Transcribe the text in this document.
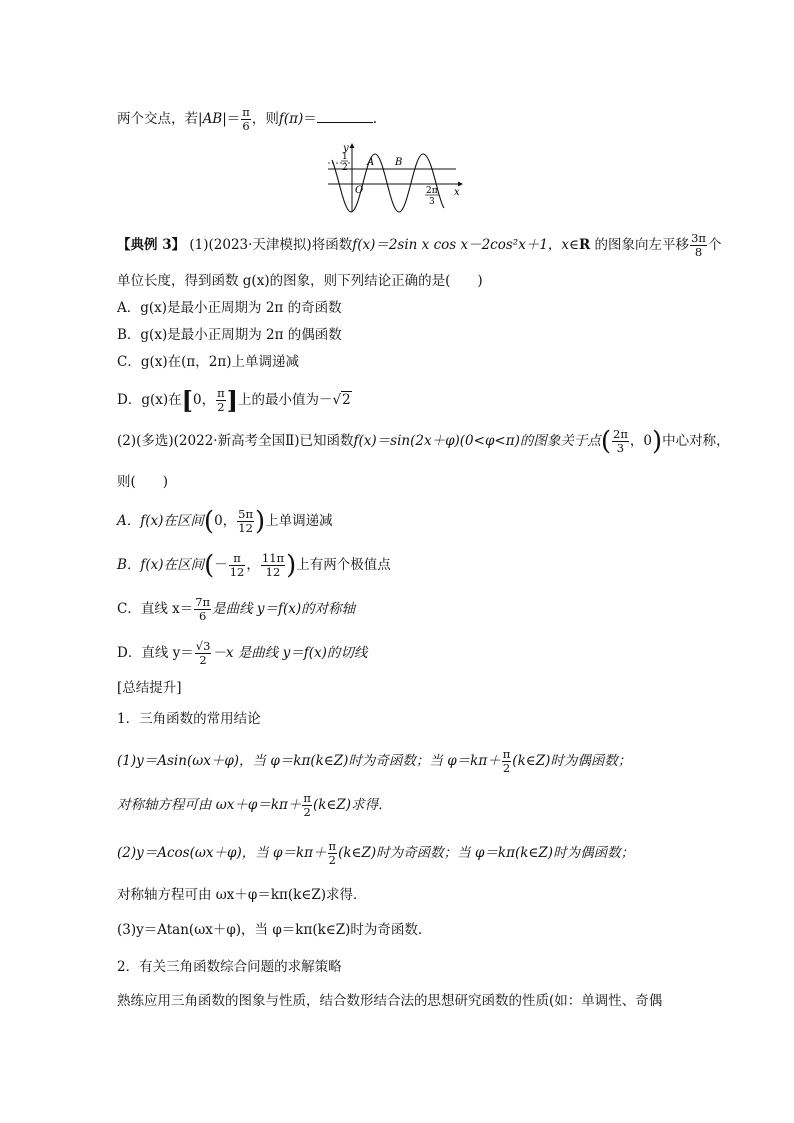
两个交点，若$|AB|= \frac{\pi}{6}$ ，则f(π)＝	.
y
x
O
A B
1
2
2π
3
【典例 3】 (1)(2023·天津模拟)将函数f(x)＝2sin x cos x－2cos²x＋1，x∈R 的图象向左平移 $\frac{3\pi}{8}$ 个
单位长度，得到函数 g(x)的图象，则下列结论正确的是(　　)
A．g(x)是最小正周期为 2π 的奇函数
B．g(x)是最小正周期为 2π 的偶函数
C．g(x)在(π，2π)上单调递减
D．g(x)在[0， $\frac{\pi}{2}$ ]上的最小值为－√2
(2)(多选)(2022·新高考全国Ⅱ)已知函数f(x)＝sin(2x＋φ)(0<φ<π)的图象关于点( $\frac{2\pi}{3}$ ，0)中心对称，
则(　　)
A．f(x)在区间(0， $\frac{5\pi}{12}$ )上单调递减
B．f(x)在区间(－ $\frac{\pi}{12}$ ， $\frac{11\pi}{12}$ )上有两个极值点
C．直线 $x= \frac{7\pi}{6}$ 是曲线 y＝f(x)的对称轴
D．直线 $y= \frac{√3}{2} -x$ 是曲线 y＝f(x)的切线
[总结提升]
1．三角函数的常用结论
(1)y＝Asin(ωx＋φ)，当 φ＝kπ(k∈Z)时为奇函数；当 $\varphi=k\pi+ \frac{\pi}{2}$ (k∈Z)时为偶函数；
对称轴方程可由 $\omega x+\varphi=k\pi+ \frac{\pi}{2}$ (k∈Z)求得．
(2)y＝Acos(ωx＋φ)，当 $\varphi=k\pi+ \frac{\pi}{2}$ (k∈Z)时为奇函数；当 φ＝kπ(k∈Z)时为偶函数；
对称轴方程可由 ωx＋φ＝kπ(k∈Z)求得．
(3)y＝Atan(ωx＋φ)，当 φ＝kπ(k∈Z)时为奇函数．
2．有关三角函数综合问题的求解策略
熟练应用三角函数的图象与性质，结合数形结合法的思想研究函数的性质(如：单调性、奇偶
